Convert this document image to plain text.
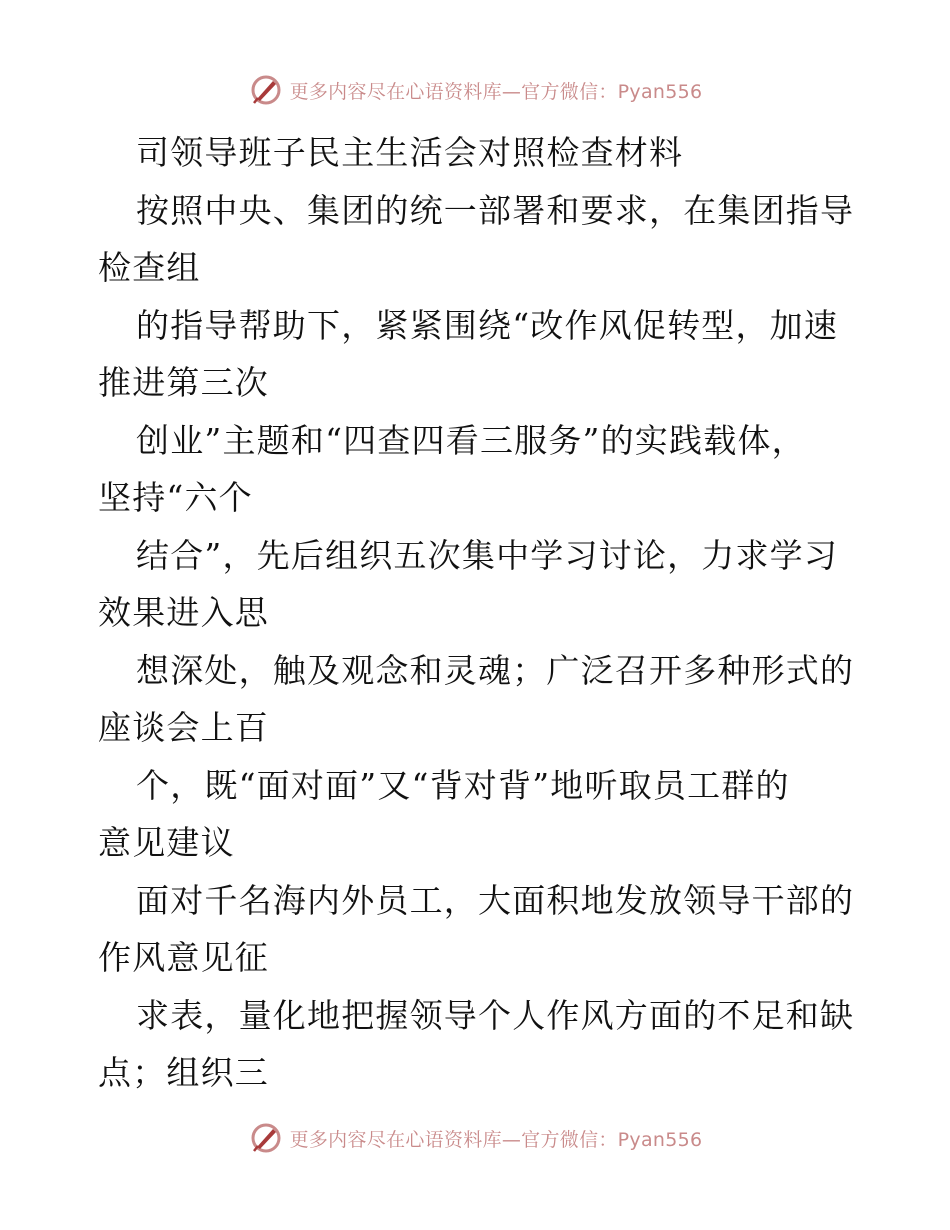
更多内容尽在心语资料库—官方微信：Pyan556
司领导班子民主生活会对照检查材料
按照中央、集团的统一部署和要求，在集团指导
检查组
的指导帮助下，紧紧围绕“改作风促转型，加速
推进第三次
创业”主题和“四查四看三服务”的实践载体，
坚持“六个
结合”，先后组织五次集中学习讨论，力求学习
效果进入思
想深处，触及观念和灵魂；广泛召开多种形式的
座谈会上百
个，既“面对面”又“背对背”地听取员工群的
意见建议
面对千名海内外员工，大面积地发放领导干部的
作风意见征
求表，量化地把握领导个人作风方面的不足和缺
点；组织三
更多内容尽在心语资料库—官方微信：Pyan556
